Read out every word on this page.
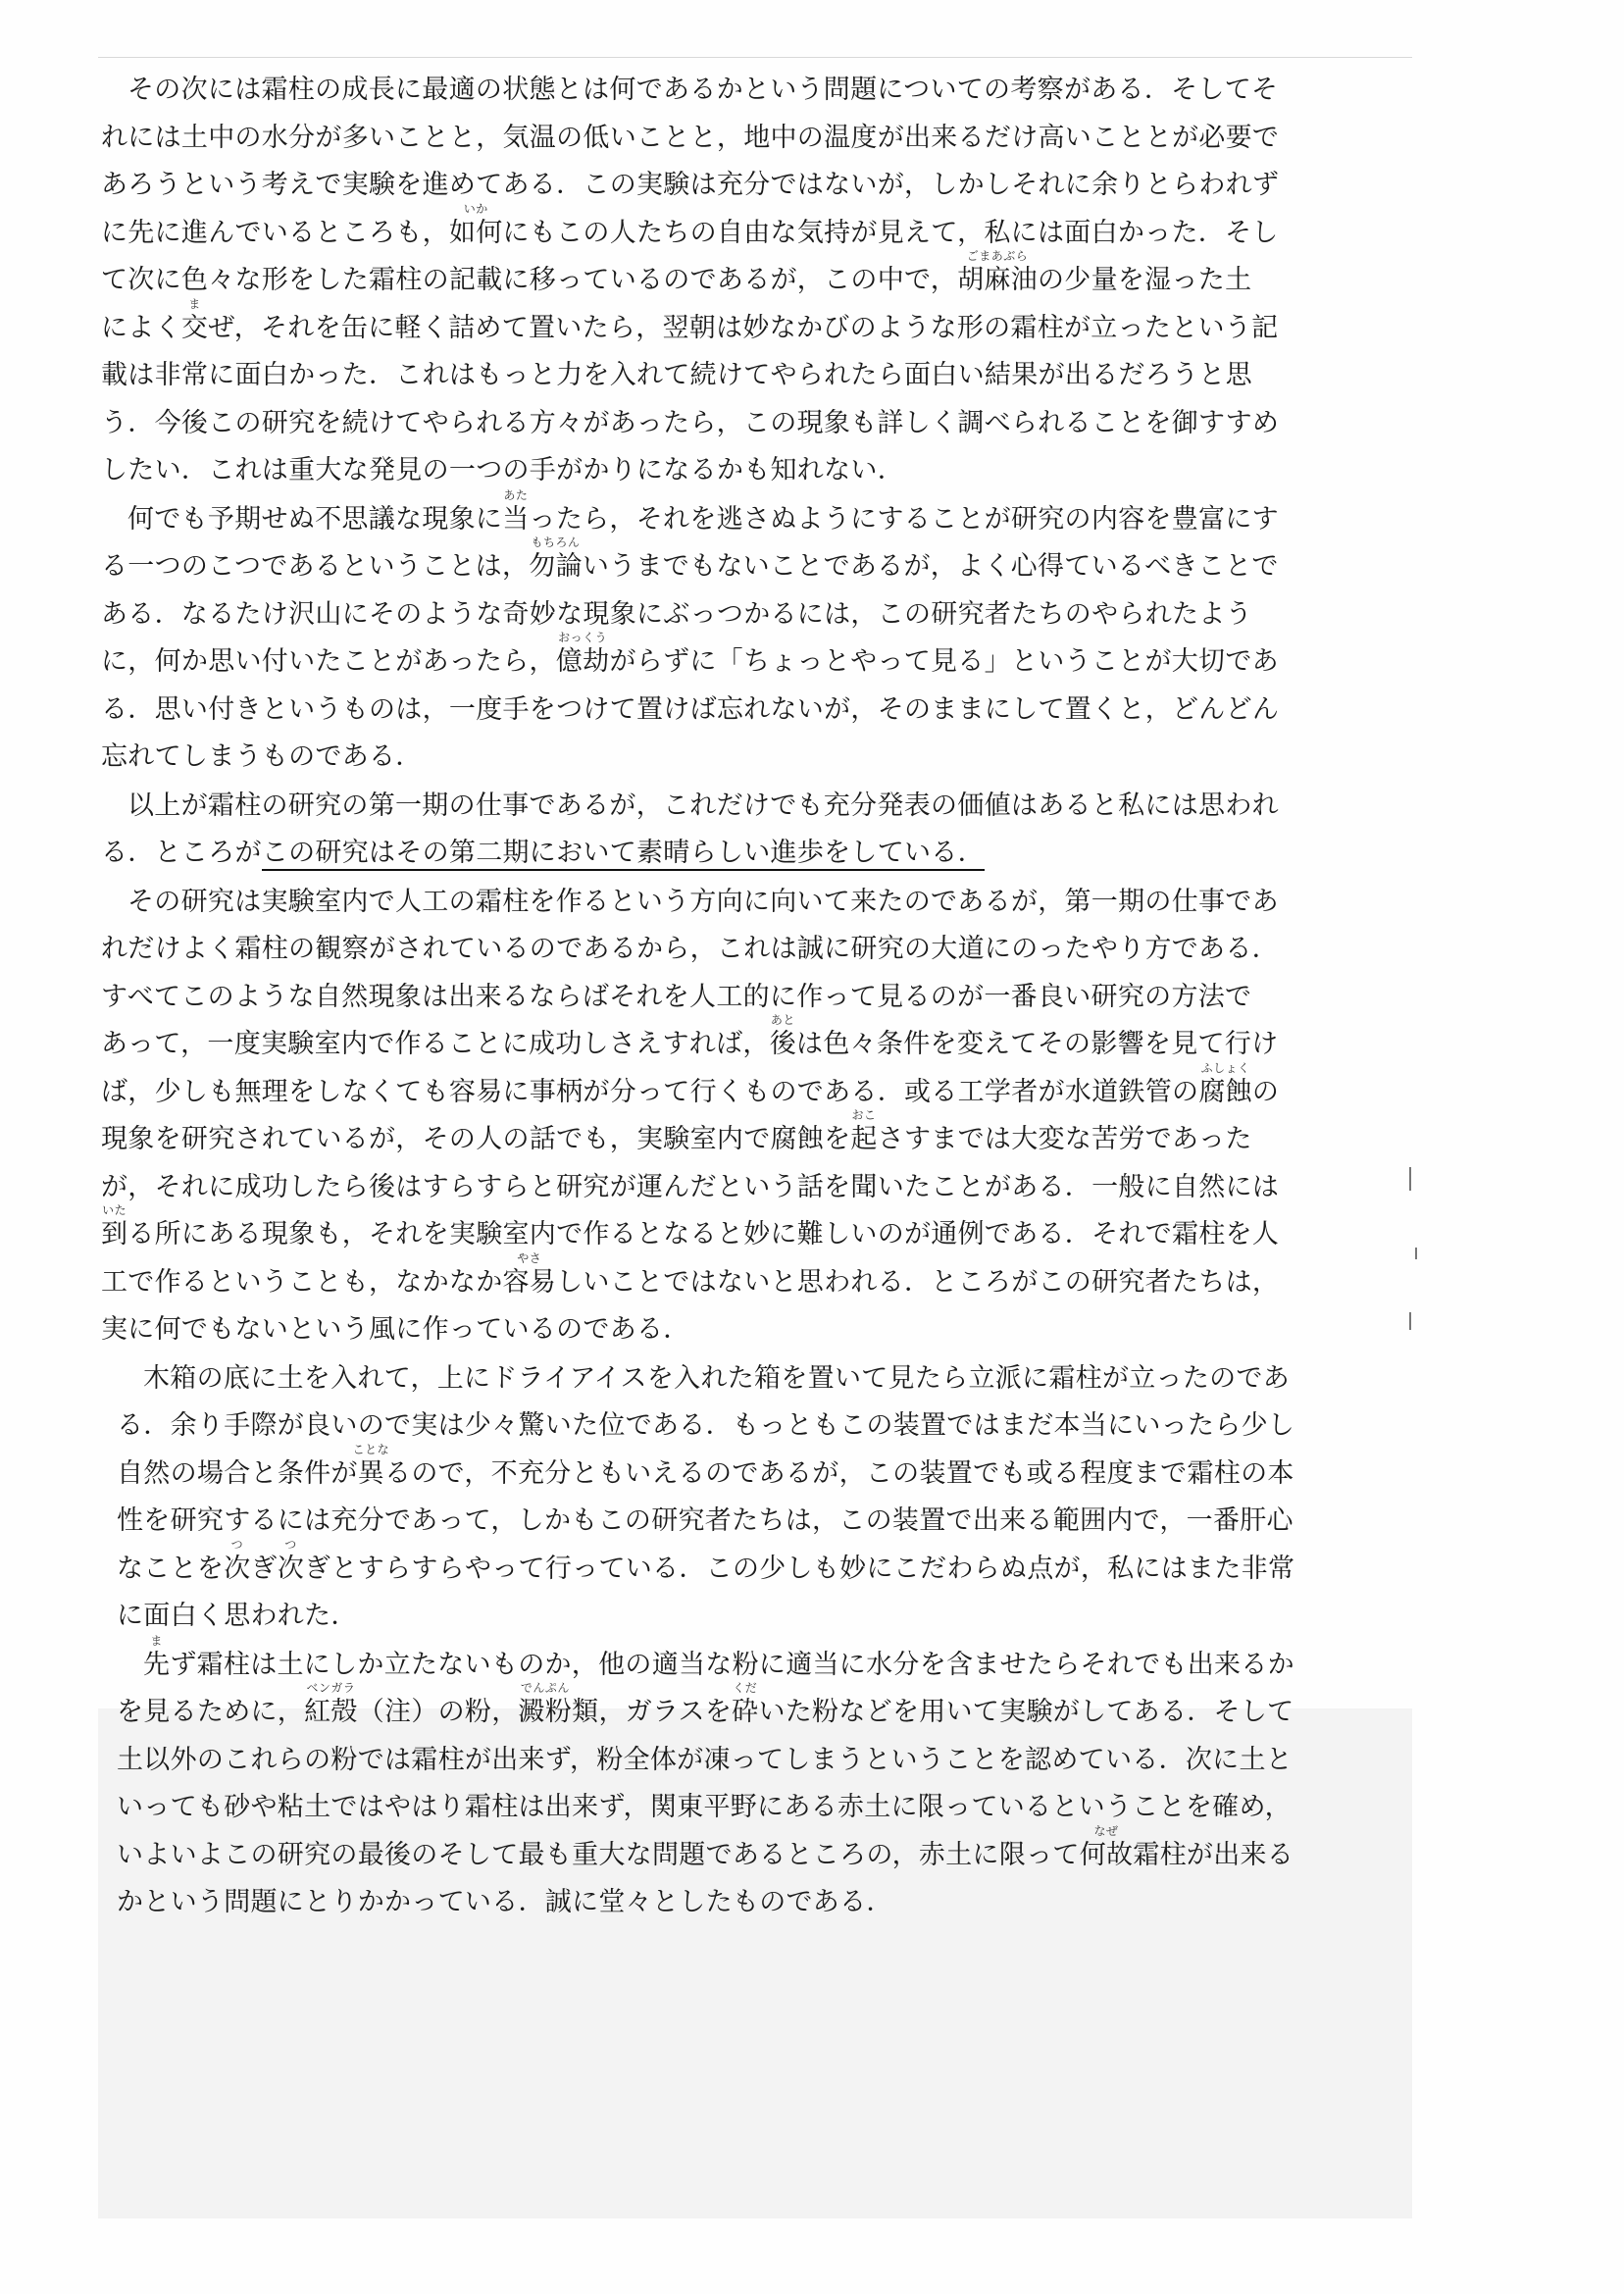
その次には霜柱の成長に最適の状態とは何であるかという問題についての考察がある．そしてそ
れには土中の水分が多いことと，気温の低いことと，地中の温度が出来るだけ高いこととが必要で
あろうという考えで実験を進めてある．この実験は充分ではないが，しかしそれに余りとらわれず
に先に進んでいるところも，
いか
如何にもこの人たちの自由な気持が見えて，私には面白かった．そし
て次に色々な形をした霜柱の記載に移っているのであるが，この中で，
ごまあぶら
胡麻油の少量を湿った土
によく
ま
交ぜ，それを缶に軽く詰めて置いたら，翌朝は妙なかびのような形の霜柱が立ったという記
載は非常に面白かった．これはもっと力を入れて続けてやられたら面白い結果が出るだろうと思
う．今後この研究を続けてやられる方々があったら，この現象も詳しく調べられることを御すすめ
したい．これは重大な発見の一つの手がかりになるかも知れない．
何でも予期せぬ不思議な現象に
あた
当ったら，それを逃さぬようにすることが研究の内容を豊富にす
る一つのこつであるということは，
もちろん
勿論いうまでもないことであるが，よく心得ているべきことで
ある．なるたけ沢山にそのような奇妙な現象にぶっつかるには，この研究者たちのやられたよう
に，何か思い付いたことがあったら，
おっくう
億劫がらずに「ちょっとやって見る」ということが大切であ
る．思い付きというものは，一度手をつけて置けば忘れないが，そのままにして置くと，どんどん
忘れてしまうものである．
以上が霜柱の研究の第一期の仕事であるが，これだけでも充分発表の価値はあると私には思われ
る．ところがこの研究はその第二期において素晴らしい進歩をしている．
その研究は実験室内で人工の霜柱を作るという方向に向いて来たのであるが，第一期の仕事であ
れだけよく霜柱の観察がされているのであるから，これは誠に研究の大道にのったやり方である．
すべてこのような自然現象は出来るならばそれを人工的に作って見るのが一番良い研究の方法で
あって，一度実験室内で作ることに成功しさえすれば，
あと
後は色々条件を変えてその影響を見て行け
ば，少しも無理をしなくても容易に事柄が分って行くものである．或る工学者が水道鉄管の
ふしょく
腐蝕の
現象を研究されているが，その人の話でも，実験室内で腐蝕を
おこ
起さすまでは大変な苦労であった
が，それに成功したら後はすらすらと研究が運んだという話を聞いたことがある．一般に自然には
いた
到る所にある現象も，それを実験室内で作るとなると妙に難しいのが通例である．それで霜柱を人
工で作るということも，なかなか
やさ
容易しいことではないと思われる．ところがこの研究者たちは，
実に何でもないという風に作っているのである．
木箱の底に土を入れて，上にドライアイスを入れた箱を置いて見たら立派に霜柱が立ったのであ
る．余り手際が良いので実は少々驚いた位である．もっともこの装置ではまだ本当にいったら少し
自然の場合と条件が
ことな
異るので，不充分ともいえるのであるが，この装置でも或る程度まで霜柱の本
性を研究するには充分であって，しかもこの研究者たちは，この装置で出来る範囲内で，一番肝心
なことを
つ
次ぎ
つ
次ぎとすらすらやって行っている．この少しも妙にこだわらぬ点が，私にはまた非常
に面白く思われた．
ま
先ず霜柱は土にしか立たないものか，他の適当な粉に適当に水分を含ませたらそれでも出来るか
を見るために，
ベンガラ
紅殻（注）の粉，
でんぷん
澱粉類，ガラスを
くだ
砕いた粉などを用いて実験がしてある．そして
土以外のこれらの粉では霜柱が出来ず，粉全体が凍ってしまうということを認めている．次に土と
いっても砂や粘土ではやはり霜柱は出来ず，関東平野にある赤土に限っているということを確め，
いよいよこの研究の最後のそして最も重大な問題であるところの，赤土に限って
なぜ
何故霜柱が出来る
かという問題にとりかかっている．誠に堂々としたものである．
